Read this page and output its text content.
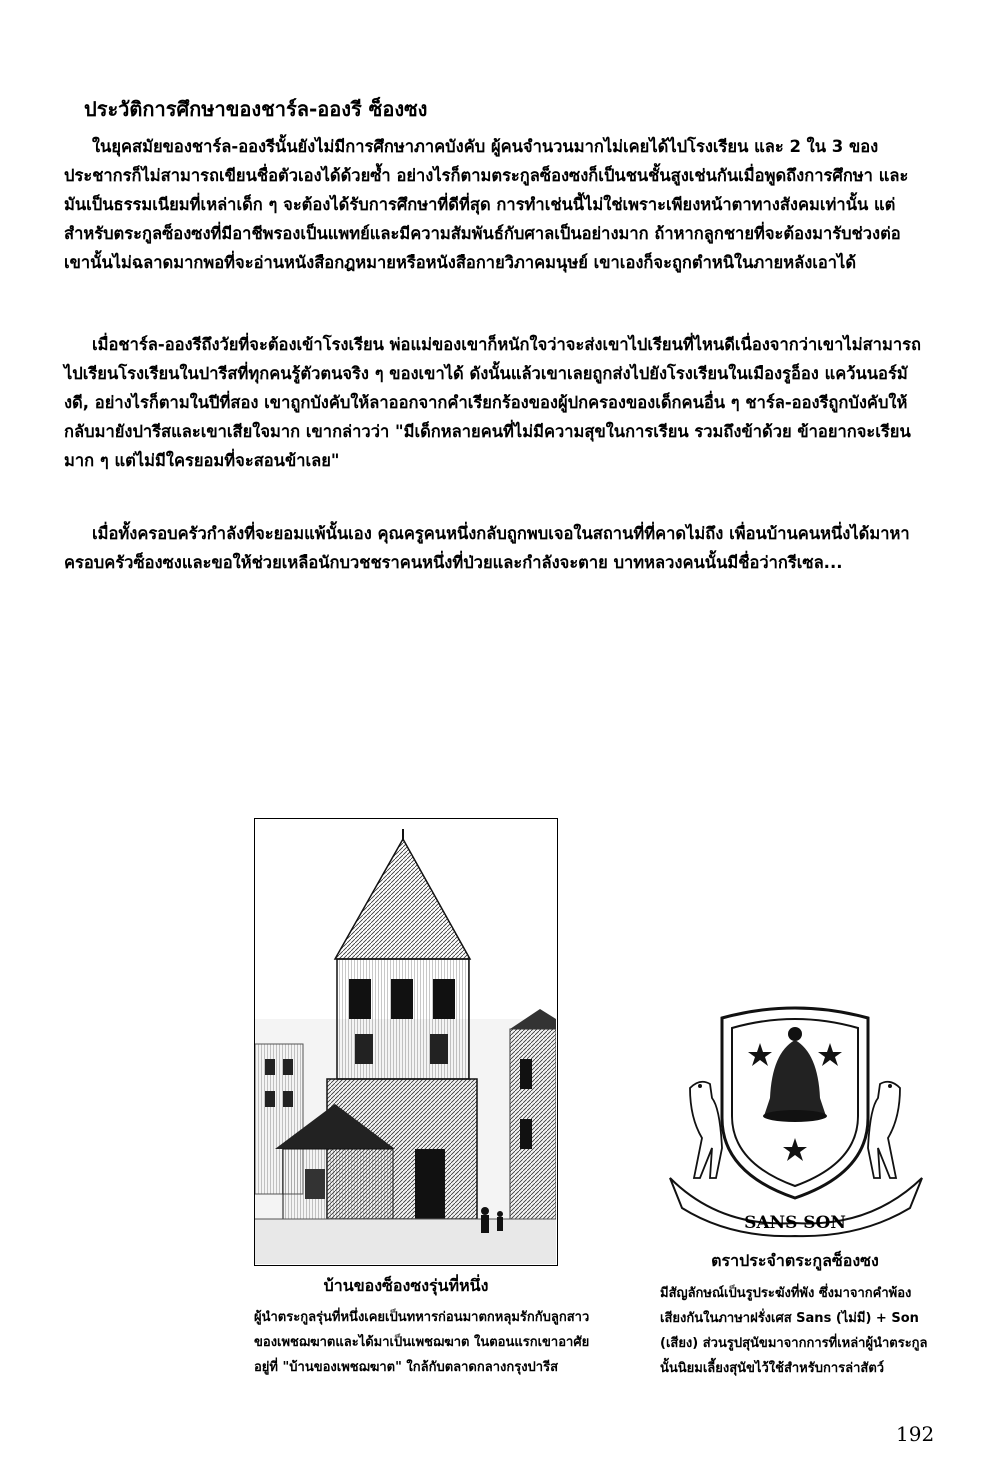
ประวัติการศึกษาของชาร์ล-อองรี ซ็องซง

ในยุคสมัยของชาร์ล-อองรีนั้นยังไม่มีการศึกษาภาคบังคับ ผู้คนจำนวนมากไม่เคยได้ไปโรงเรียน และ 2 ใน 3 ของประชากรก็ไม่สามารถเขียนชื่อตัวเองได้ด้วยซ้ำ อย่างไรก็ตามตระกูลซ็องซงก็เป็นชนชั้นสูงเช่นกันเมื่อพูดถึงการศึกษา และมันเป็นธรรมเนียมที่เหล่าเด็ก ๆ จะต้องได้รับการศึกษาที่ดีที่สุด การทำเช่นนี้ไม่ใช่เพราะเพียงหน้าตาทางสังคมเท่านั้น แต่สำหรับตระกูลซ็องซงที่มีอาชีพรองเป็นแพทย์และมีความสัมพันธ์กับศาลเป็นอย่างมาก ถ้าหากลูกชายที่จะต้องมารับช่วงต่อเขานั้นไม่ฉลาดมากพอที่จะอ่านหนังสือกฎหมายหรือหนังสือกายวิภาคมนุษย์ เขาเองก็จะถูกตำหนิในภายหลังเอาได้

เมื่อชาร์ล-อองรีถึงวัยที่จะต้องเข้าโรงเรียน พ่อแม่ของเขาก็หนักใจว่าจะส่งเขาไปเรียนที่ไหนดีเนื่องจากว่าเขาไม่สามารถไปเรียนโรงเรียนในปารีสที่ทุกคนรู้ตัวตนจริง ๆ ของเขาได้ ดังนั้นแล้วเขาเลยถูกส่งไปยังโรงเรียนในเมืองรูอ็อง แคว้นนอร์มังดี, อย่างไรก็ตามในปีที่สอง เขาถูกบังคับให้ลาออกจากคำเรียกร้องของผู้ปกครองของเด็กคนอื่น ๆ ชาร์ล-อองรีถูกบังคับให้กลับมายังปารีสและเขาเสียใจมาก เขากล่าวว่า "มีเด็กหลายคนที่ไม่มีความสุขในการเรียน รวมถึงข้าด้วย ข้าอยากจะเรียนมาก ๆ แต่ไม่มีใครยอมที่จะสอนข้าเลย"

เมื่อทั้งครอบครัวกำลังที่จะยอมแพ้นั้นเอง คุณครูคนหนึ่งกลับถูกพบเจอในสถานที่ที่คาดไม่ถึง เพื่อนบ้านคนหนึ่งได้มาหาครอบครัวซ็องซงและขอให้ช่วยเหลือนักบวชชราคนหนึ่งที่ป่วยและกำลังจะตาย บาทหลวงคนนั้นมีชื่อว่ากรีเซล...

บ้านของซ็องซงรุ่นที่หนึ่ง

ผู้นำตระกูลรุ่นที่หนึ่งเคยเป็นทหารก่อนมาตกหลุมรักกับลูกสาวของเพชฌฆาตและได้มาเป็นเพชฌฆาต ในตอนแรกเขาอาศัยอยู่ที่ "บ้านของเพชฌฆาต" ใกล้กับตลาดกลางกรุงปารีส

SANS SON
ตราประจำตระกูลซ็องซง

มีสัญลักษณ์เป็นรูประฆังที่พัง ซึ่งมาจากคำพ้องเสียงกันในภาษาฝรั่งเศส Sans (ไม่มี) + Son (เสียง) ส่วนรูปสุนัขมาจากการที่เหล่าผู้นำตระกูลนั้นนิยมเลี้ยงสุนัขไว้ใช้สำหรับการล่าสัตว์

192
